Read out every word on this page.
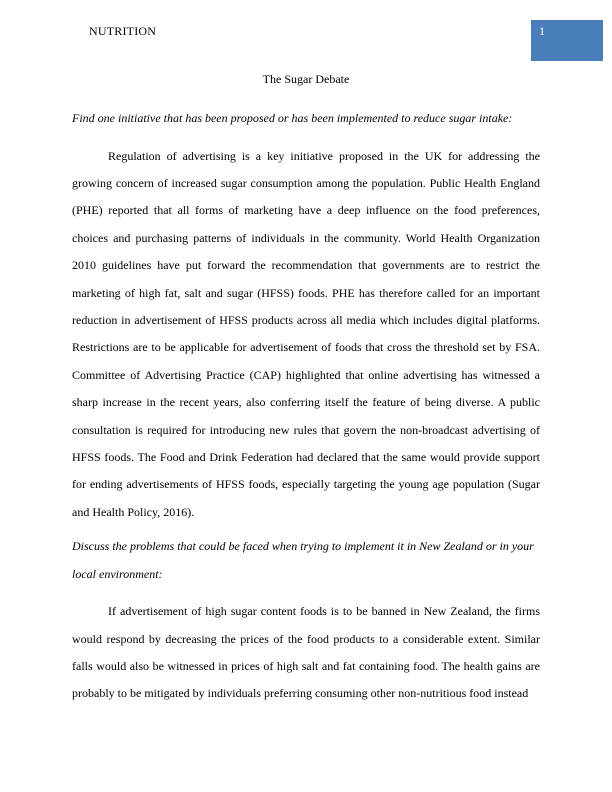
NUTRITION	1
The Sugar Debate

Find one initiative that has been proposed or has been implemented to reduce sugar intake:

Regulation of advertising is a key initiative proposed in the UK for addressing the growing concern of increased sugar consumption among the population. Public Health England (PHE) reported that all forms of marketing have a deep influence on the food preferences, choices and purchasing patterns of individuals in the community. World Health Organization 2010 guidelines have put forward the recommendation that governments are to restrict the marketing of high fat, salt and sugar (HFSS) foods. PHE has therefore called for an important reduction in advertisement of HFSS products across all media which includes digital platforms. Restrictions are to be applicable for advertisement of foods that cross the threshold set by FSA. Committee of Advertising Practice (CAP) highlighted that online advertising has witnessed a sharp increase in the recent years, also conferring itself the feature of being diverse. A public consultation is required for introducing new rules that govern the non-broadcast advertising of HFSS foods. The Food and Drink Federation had declared that the same would provide support for ending advertisements of HFSS foods, especially targeting the young age population (Sugar and Health Policy, 2016).

Discuss the problems that could be faced when trying to implement it in New Zealand or in your local environment:

If advertisement of high sugar content foods is to be banned in New Zealand, the firms would respond by decreasing the prices of the food products to a considerable extent. Similar falls would also be witnessed in prices of high salt and fat containing food. The health gains are probably to be mitigated by individuals preferring consuming other non-nutritious food instead
